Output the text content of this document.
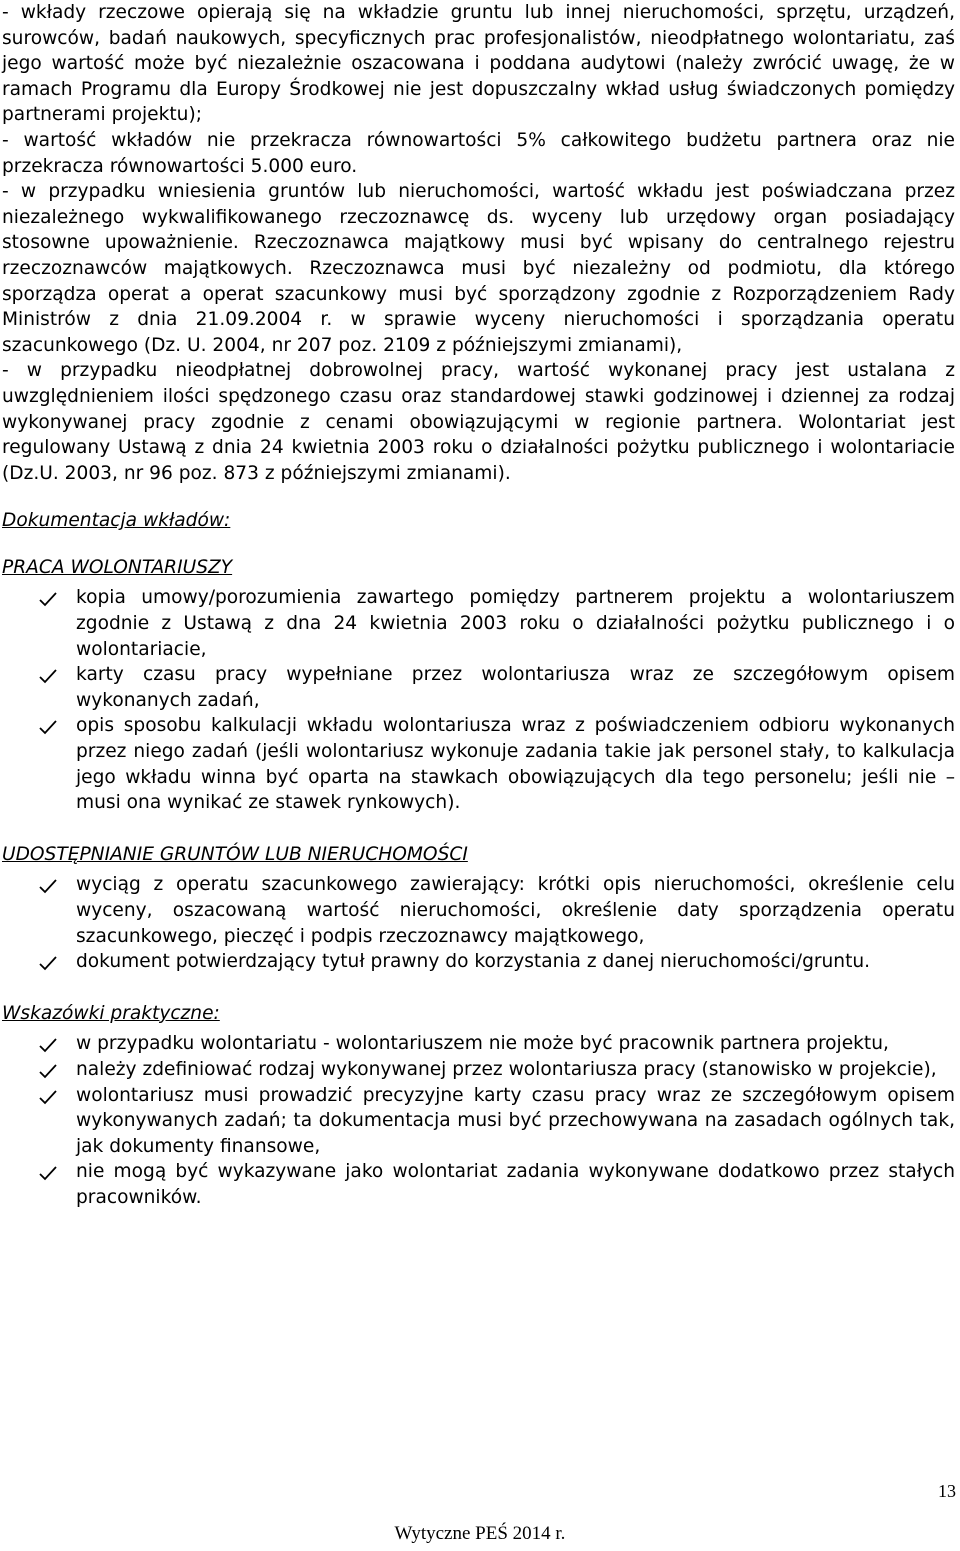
- wkłady rzeczowe opierają się na wkładzie gruntu lub innej nieruchomości, sprzętu, urządzeń, surowców, badań naukowych, specyficznych prac profesjonalistów, nieodpłatnego wolontariatu, zaś jego wartość może być niezależnie oszacowana i poddana audytowi (należy zwrócić uwagę, że w ramach Programu dla Europy Środkowej nie jest dopuszczalny wkład usług świadczonych pomiędzy partnerami projektu);

- wartość wkładów nie przekracza równowartości 5% całkowitego budżetu partnera oraz nie przekracza równowartości 5.000 euro.

- w przypadku wniesienia gruntów lub nieruchomości, wartość wkładu jest poświadczana przez niezależnego wykwalifikowanego rzeczoznawcę ds. wyceny lub urzędowy organ posiadający stosowne upoważnienie. Rzeczoznawca majątkowy musi być wpisany do centralnego rejestru rzeczoznawców majątkowych. Rzeczoznawca musi być niezależny od podmiotu, dla którego sporządza operat a operat szacunkowy musi być sporządzony zgodnie z Rozporządzeniem Rady Ministrów z dnia 21.09.2004 r. w sprawie wyceny nieruchomości i sporządzania operatu szacunkowego (Dz. U. 2004, nr 207 poz. 2109 z późniejszymi zmianami),

- w przypadku nieodpłatnej dobrowolnej pracy, wartość wykonanej pracy jest ustalana z uwzględnieniem ilości spędzonego czasu oraz standardowej stawki godzinowej i dziennej za rodzaj wykonywanej pracy zgodnie z cenami obowiązującymi w regionie partnera. Wolontariat jest regulowany Ustawą z dnia 24 kwietnia 2003 roku o działalności pożytku publicznego i wolontariacie (Dz.U. 2003, nr 96 poz. 873 z późniejszymi zmianami).

Dokumentacja wkładów:

PRACA WOLONTARIUSZY

kopia umowy/porozumienia zawartego pomiędzy partnerem projektu a wolontariuszem zgodnie z Ustawą z dna 24 kwietnia 2003 roku o działalności pożytku publicznego i o wolontariacie,
karty czasu pracy wypełniane przez wolontariusza wraz ze szczegółowym opisem wykonanych zadań,
opis sposobu kalkulacji wkładu wolontariusza wraz z poświadczeniem odbioru wykonanych przez niego zadań (jeśli wolontariusz wykonuje zadania takie jak personel stały, to kalkulacja jego wkładu winna być oparta na stawkach obowiązujących dla tego personelu; jeśli nie – musi ona wynikać ze stawek rynkowych).

UDOSTĘPNIANIE GRUNTÓW LUB NIERUCHOMOŚCI

wyciąg z operatu szacunkowego zawierający: krótki opis nieruchomości, określenie celu wyceny, oszacowaną wartość nieruchomości, określenie daty sporządzenia operatu szacunkowego, pieczęć i podpis rzeczoznawcy majątkowego,
dokument potwierdzający tytuł prawny do korzystania z danej nieruchomości/gruntu.

Wskazówki praktyczne:

w przypadku wolontariatu - wolontariuszem nie może być pracownik partnera projektu,
należy zdefiniować rodzaj wykonywanej przez wolontariusza pracy (stanowisko w projekcie),
wolontariusz musi prowadzić precyzyjne karty czasu pracy wraz ze szczegółowym opisem wykonywanych zadań; ta dokumentacja musi być przechowywana na zasadach ogólnych tak, jak dokumenty finansowe,
nie mogą być wykazywane jako wolontariat zadania wykonywane dodatkowo przez stałych pracowników.
13
Wytyczne PEŚ 2014 r.
